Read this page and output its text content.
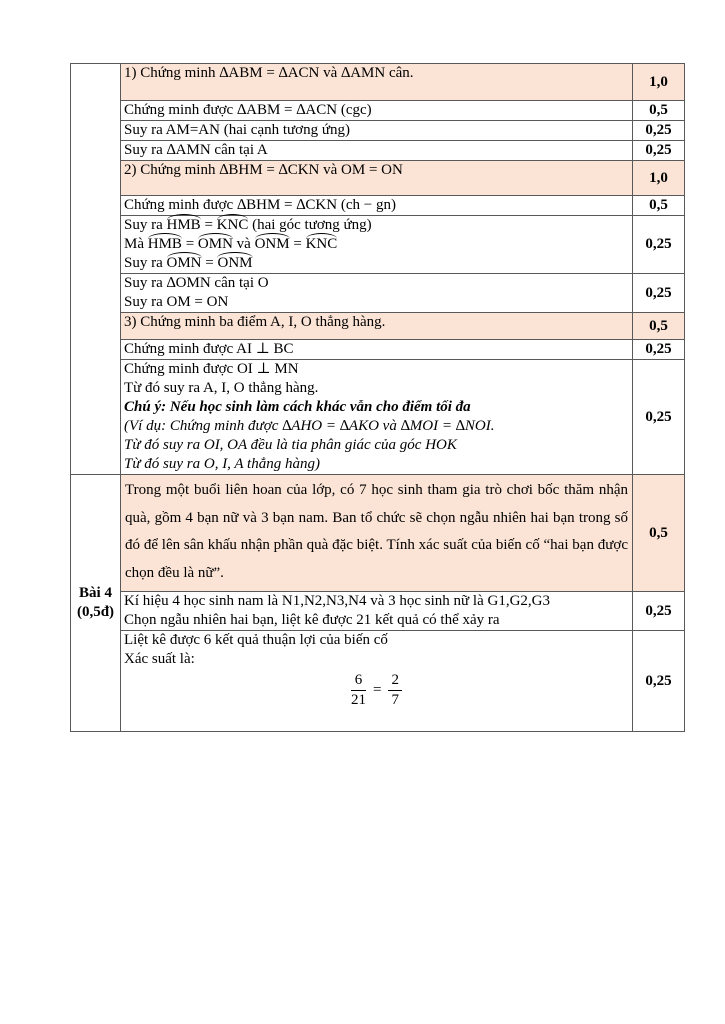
	1) Chứng minh ∆ABM = ∆ACN và ∆AMN cân.	1,0

	Chứng minh được ∆ABM = ∆ACN (cgc)	0,5

	Suy ra AM=AN (hai cạnh tương ứng)	0,25

	Suy ra ∆AMN cân tại A	0,25

	2) Chứng minh ∆BHM = ∆CKN và OM = ON	1,0

	Chứng minh được ∆BHM = ∆CKN (ch − gn)	0,5

	Suy ra HMB = KNC (hai góc tương ứng)
Mà HMB = OMN và ONM = KNC
Suy ra OMN = ONM	0,25

	Suy ra ∆OMN cân tại O
Suy ra OM = ON	0,25

	3) Chứng minh ba điểm A, I, O thẳng hàng.	0,5

	Chứng minh được AI ⊥ BC	0,25

Chứng minh được OI ⊥ MN
Từ đó suy ra A, I, O thẳng hàng.
Chú ý: Nếu học sinh làm cách khác vẫn cho điểm tối đa
(Ví dụ: Chứng minh được ∆AHO = ∆AKO và ∆MOI = ∆NOI.
Từ đó suy ra OI, OA đều là tia phân giác của góc HOK
Từ đó suy ra O, I, A thẳng hàng)
	0,25

Bài 4
(0,5đ)	Trong một buổi liên hoan của lớp, có 7 học sinh tham gia trò chơi bốc thăm nhận quà, gồm 4 bạn nữ và 3 bạn nam. Ban tổ chức sẽ chọn ngẫu nhiên hai bạn trong số đó để lên sân khấu nhận phần quà đặc biệt. Tính xác suất của biến cố “hai bạn được chọn đều là nữ”.	0,5

	Kí hiệu 4 học sinh nam là N1,N2,N3,N4 và 3 học sinh nữ là G1,G2,G3
Chọn ngẫu nhiên hai bạn, liệt kê được 21 kết quả có thể xảy ra	0,25

Liệt kê được 6 kết quả thuận lợi của biến cố
Xác suất là:
$\frac{6}{21} = \frac{2}{7}$	0,25
